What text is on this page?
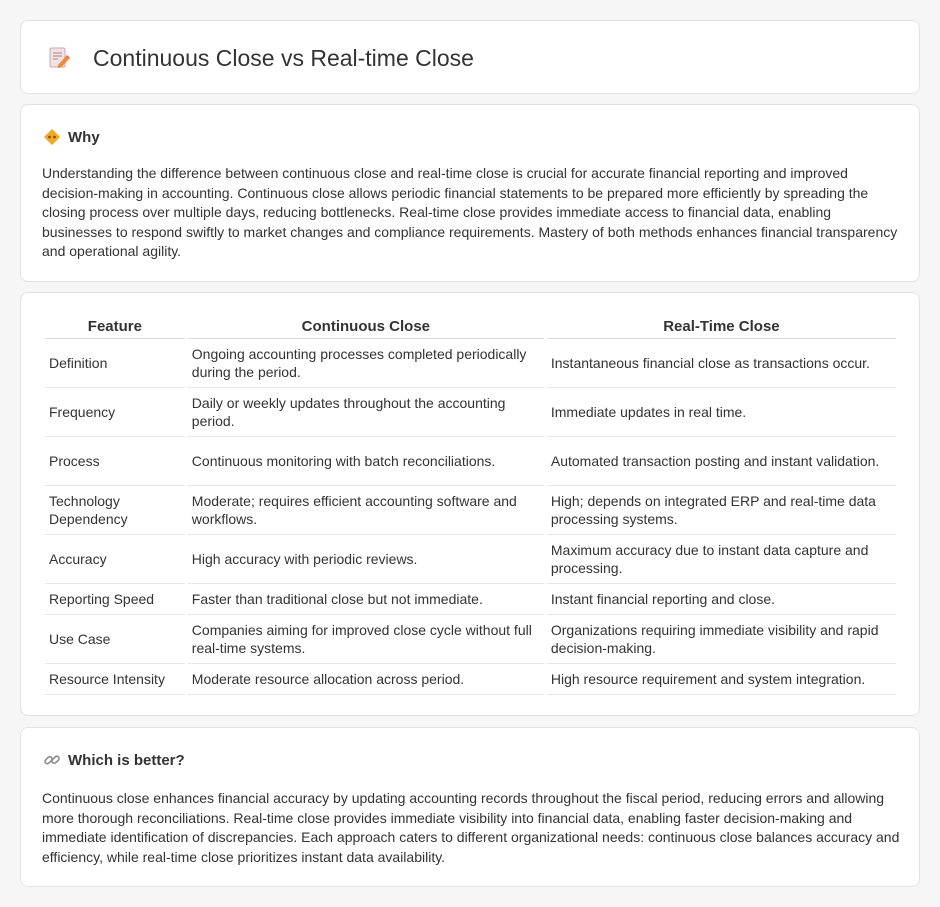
Continuous Close vs Real-time Close
Why

Understanding the difference between continuous close and real-time close is crucial for accurate financial reporting and improved decision-making in accounting. Continuous close allows periodic financial statements to be prepared more efficiently by spreading the closing process over multiple days, reducing bottlenecks. Real-time close provides immediate access to financial data, enabling businesses to respond swiftly to market changes and compliance requirements. Mastery of both methods enhances financial transparency and operational agility.

Feature	Continuous Close	Real-Time Close
Definition	Ongoing accounting processes completed periodically during the period.	Instantaneous financial close as transactions occur.
Frequency	Daily or weekly updates throughout the accounting period.	Immediate updates in real time.
Process	Continuous monitoring with batch reconciliations.	Automated transaction posting and instant validation.
Technology Dependency	Moderate; requires efficient accounting software and workflows.	High; depends on integrated ERP and real-time data processing systems.
Accuracy	High accuracy with periodic reviews.	Maximum accuracy due to instant data capture and processing.
Reporting Speed	Faster than traditional close but not immediate.	Instant financial reporting and close.
Use Case	Companies aiming for improved close cycle without full real-time systems.	Organizations requiring immediate visibility and rapid decision-making.
Resource Intensity	Moderate resource allocation across period.	High resource requirement and system integration.
Which is better?

Continuous close enhances financial accuracy by updating accounting records throughout the fiscal period, reducing errors and allowing more thorough reconciliations. Real-time close provides immediate visibility into financial data, enabling faster decision-making and immediate identification of discrepancies. Each approach caters to different organizational needs: continuous close balances accuracy and efficiency, while real-time close prioritizes instant data availability.
